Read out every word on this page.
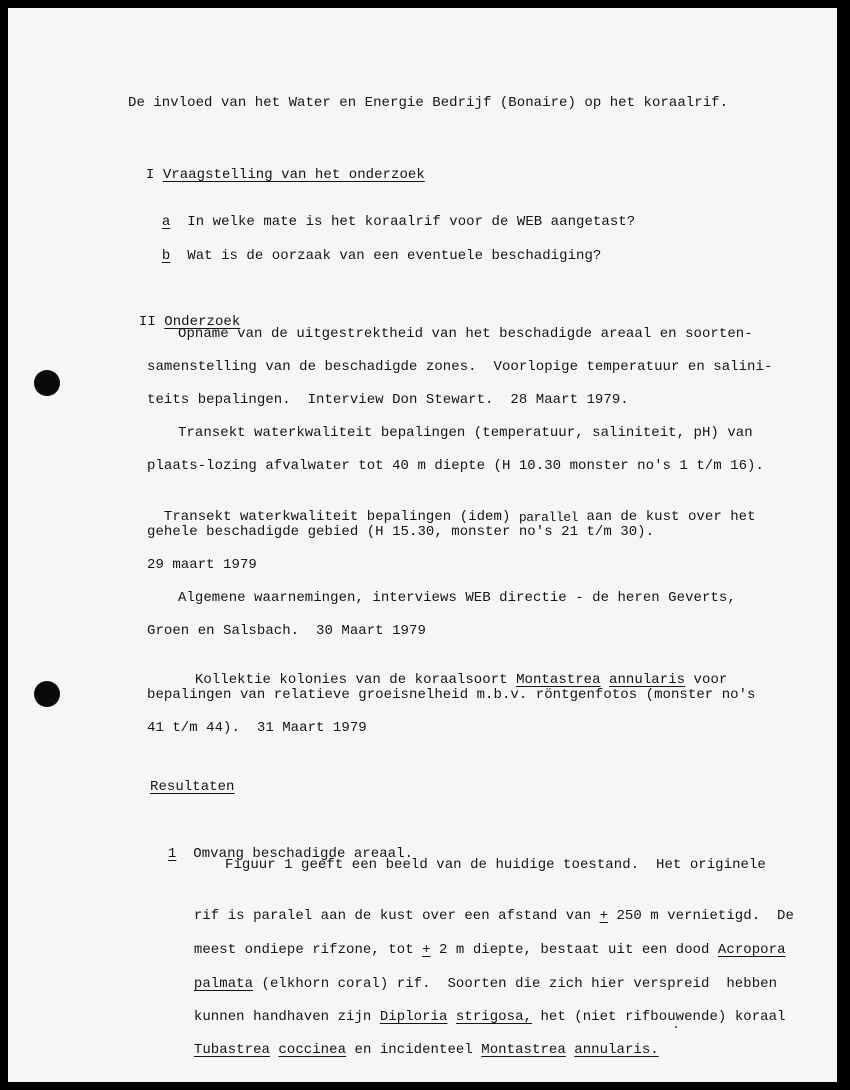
De invloed van het Water en Energie Bedrijf (Bonaire) op het koraalrif.

I Vraagstelling van het onderzoek

a In welke mate is het koraalrif voor de WEB aangetast?

b Wat is de oorzaak van een eventuele beschadiging?

II Onderzoek

Opname van de uitgestrektheid van het beschadigde areaal en soorten-
samenstelling van de beschadigde zones.  Voorlopige temperatuur en salini-
teits bepalingen.  Interview Don Stewart.  28 Maart 1979.
Transekt waterkwaliteit bepalingen (temperatuur, saliniteit, pH) van
plaats-lozing afvalwater tot 40 m diepte (H 10.30 monster no's 1 t/m 16).

Transekt waterkwaliteit bepalingen (idem) parallel aan de kust over het

gehele beschadigde gebied (H 15.30, monster no's 21 t/m 30).
29 maart 1979
Algemene waarnemingen, interviews WEB directie - de heren Geverts,
Groen en Salsbach.  30 Maart 1979

Kollektie kolonies van de koraalsoort Montastrea annularis voor

bepalingen van relatieve groeisnelheid m.b.v. röntgenfotos (monster no's
41 t/m 44).  31 Maart 1979
Resultaten

1 Omvang beschadigde areaal.

Figuur 1 geeft een beeld van de huidige toestand.  Het originele

rif is paralel aan de kust over een afstand van + 250 m vernietigd.  De

meest ondiepe rifzone, tot + 2 m diepte, bestaat uit een dood Acropora

palmata (elkhorn coral) rif.  Soorten die zich hier verspreid  hebben

kunnen handhaven zijn Diploria strigosa, het (niet rifbouwende) koraal

Tubastrea coccinea en incidenteel Montastrea annularis.
